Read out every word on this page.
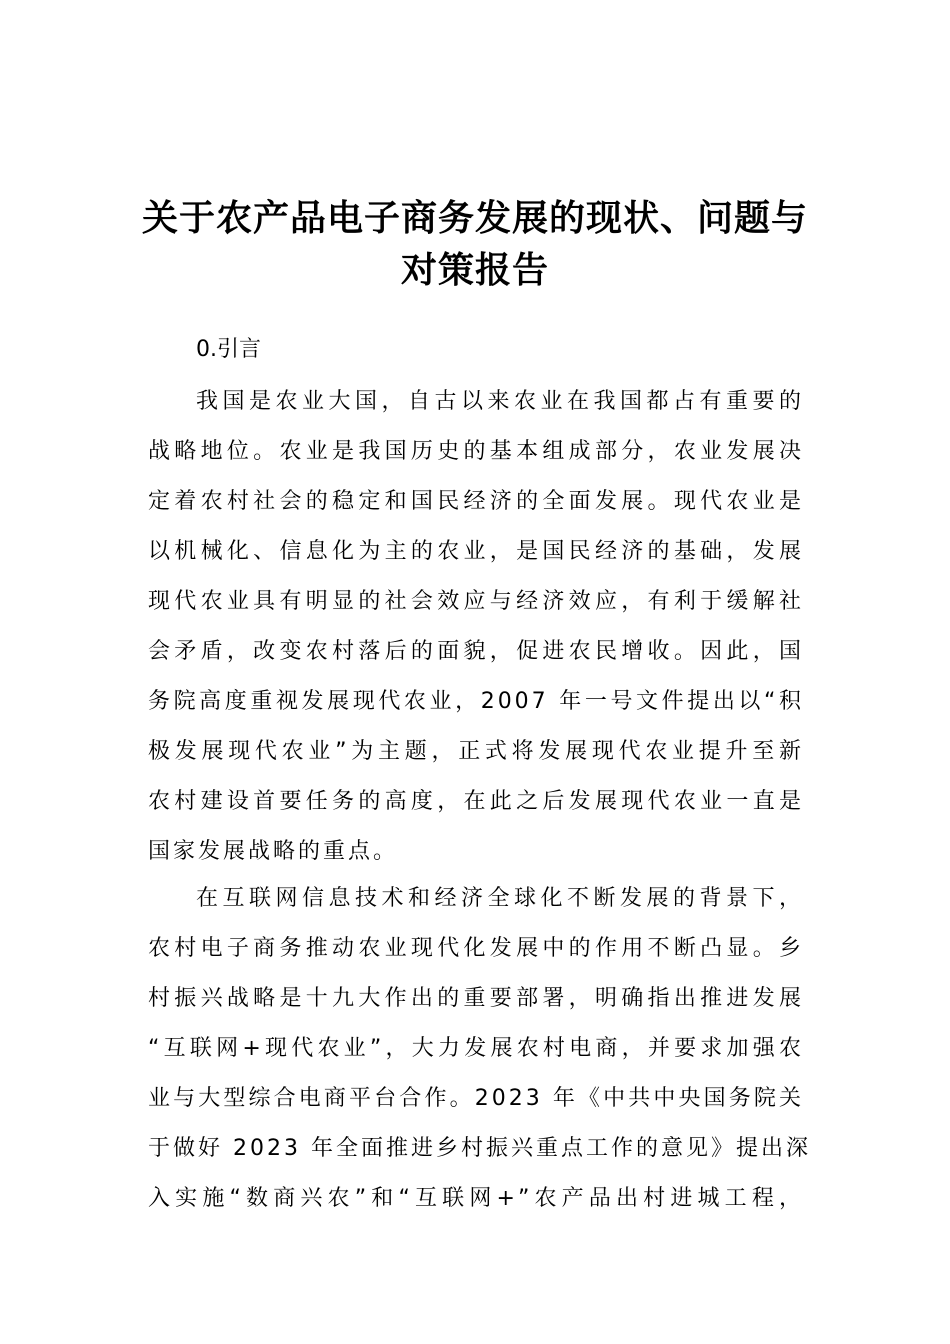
关于农产品电子商务发展的现状、问题与
对策报告
0.引言
我国是农业大国，自古以来农业在我国都占有重要的
战略地位。农业是我国历史的基本组成部分，农业发展决
定着农村社会的稳定和国民经济的全面发展。现代农业是
以机械化、信息化为主的农业，是国民经济的基础，发展
现代农业具有明显的社会效应与经济效应，有利于缓解社
会矛盾，改变农村落后的面貌，促进农民增收。因此，国
务院高度重视发展现代农业，2007 年一号文件提出以“积
极发展现代农业”为主题，正式将发展现代农业提升至新
农村建设首要任务的高度，在此之后发展现代农业一直是
国家发展战略的重点。
在互联网信息技术和经济全球化不断发展的背景下，
农村电子商务推动农业现代化发展中的作用不断凸显。乡
村振兴战略是十九大作出的重要部署，明确指出推进发展
“互联网+现代农业”，大力发展农村电商，并要求加强农
业与大型综合电商平台合作。2023 年《中共中央国务院关
于做好 2023 年全面推进乡村振兴重点工作的意见》提出深
入实施“数商兴农”和“互联网+”农产品出村进城工程，
